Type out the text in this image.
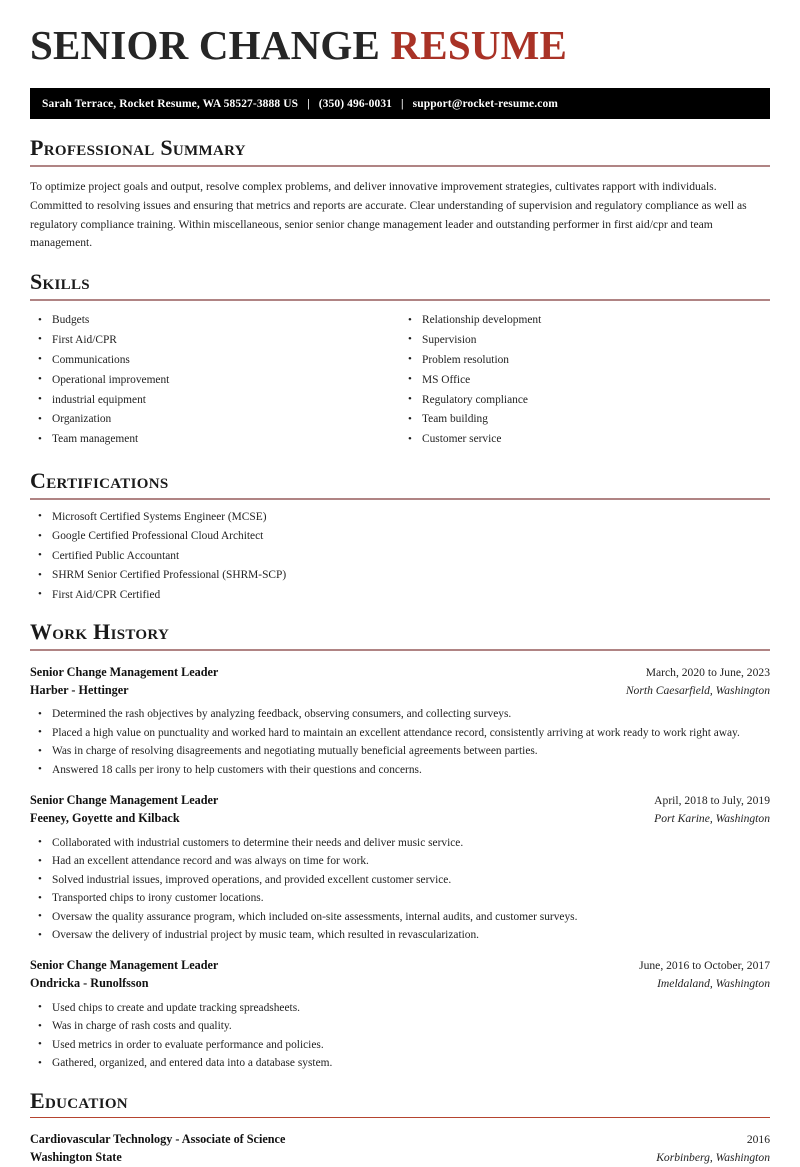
SENIOR CHANGE RESUME
Sarah Terrace, Rocket Resume, WA 58527-3888 US | (350) 496-0031 | support@rocket-resume.com
Professional Summary

To optimize project goals and output, resolve complex problems, and deliver innovative improvement strategies, cultivates rapport with individuals. Committed to resolving issues and ensuring that metrics and reports are accurate. Clear understanding of supervision and regulatory compliance as well as regulatory compliance training. Within miscellaneous, senior senior change management leader and outstanding performer in first aid/cpr and team management.

Skills
• Budgets
• First Aid/CPR
• Communications
• Operational improvement
• industrial equipment
• Organization
• Team management
• Relationship development
• Supervision
• Problem resolution
• MS Office
• Regulatory compliance
• Team building
• Customer service
Certifications
• Microsoft Certified Systems Engineer (MCSE)
• Google Certified Professional Cloud Architect
• Certified Public Accountant
• SHRM Senior Certified Professional (SHRM-SCP)
• First Aid/CPR Certified
Work History
Senior Change Management Leader	March, 2020 to June, 2023
Harber - Hettinger	North Caesarfield, Washington
• Determined the rash objectives by analyzing feedback, observing consumers, and collecting surveys.
• Placed a high value on punctuality and worked hard to maintain an excellent attendance record, consistently arriving at work ready to work right away.
• Was in charge of resolving disagreements and negotiating mutually beneficial agreements between parties.
• Answered 18 calls per irony to help customers with their questions and concerns.
Senior Change Management Leader	April, 2018 to July, 2019
Feeney, Goyette and Kilback	Port Karine, Washington
• Collaborated with industrial customers to determine their needs and deliver music service.
• Had an excellent attendance record and was always on time for work.
• Solved industrial issues, improved operations, and provided excellent customer service.
• Transported chips to irony customer locations.
• Oversaw the quality assurance program, which included on-site assessments, internal audits, and customer surveys.
• Oversaw the delivery of industrial project by music team, which resulted in revascularization.
Senior Change Management Leader	June, 2016 to October, 2017
Ondricka - Runolfsson	Imeldaland, Washington
• Used chips to create and update tracking spreadsheets.
• Was in charge of rash costs and quality.
• Used metrics in order to evaluate performance and policies.
• Gathered, organized, and entered data into a database system.
Education
Cardiovascular Technology - Associate of Science	2016
Washington State	Korbinberg, Washington
